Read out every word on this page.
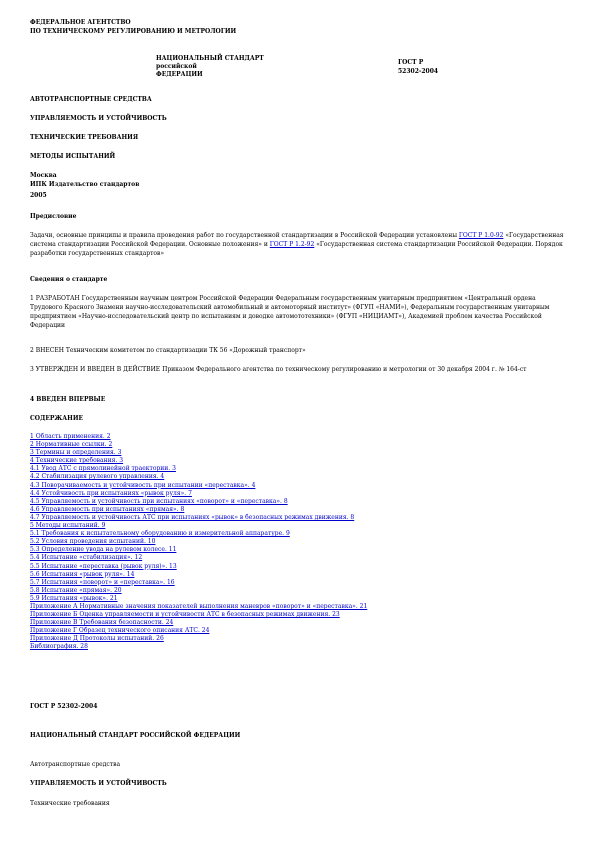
ФЕДЕРАЛЬНОЕ АГЕНТСТВО
ПО ТЕХНИЧЕСКОМУ РЕГУЛИРОВАНИЮ И МЕТРОЛОГИИ
НАЦИОНАЛЬНЫЙ СТАНДАРТ
российской
ФЕДЕРАЦИИ
ГОСТ Р
52302-2004
АВТОТРАНСПОРТНЫЕ СРЕДСТВА
УПРАВЛЯЕМОСТЬ И УСТОЙЧИВОСТЬ
ТЕХНИЧЕСКИЕ ТРЕБОВАНИЯ
МЕТОДЫ ИСПЫТАНИЙ
Москва
ИПК Издательство стандартов
2005
Предисловие
Задачи, основные принципы и правила проведения работ по государственной стандартизации в Российской Федерации установлены ГОСТ Р 1.0-92 «Государственная система стандартизации Российской Федерации. Основные положения» и ГОСТ Р 1.2-92 «Государственная система стандартизации Российской Федерации. Порядок разработки государственных стандартов»
Сведения о стандарте
1 РАЗРАБОТАН Государственным научным центром Российской Федерации Федеральным государственным унитарным предприятием «Центральный ордена Трудового Красного Знамени научно-исследовательский автомобильный и автомоторный институт» (ФГУП «НАМИ»), Федеральным государственным унитарным предприятием «Научно-исследовательский центр по испытаниям и доводке автомототехники» (ФГУП «НИЦИАМТ»), Академией проблем качества Российской Федерации
2 ВНЕСЕН Техническим комитетом по стандартизации ТК 56 «Дорожный транспорт»
3 УТВЕРЖДЕН И ВВЕДЕН В ДЕЙСТВИЕ Приказом Федерального агентства по техническому регулированию и метрологии от 30 декабря 2004 г. № 164-ст
4 ВВЕДЕН ВПЕРВЫЕ
СОДЕРЖАНИЕ
1 Область применения. 2
2 Нормативные ссылки. 2
3 Термины и определения. 3
4 Технические требования. 3
4.1 Увод АТС с прямолинейной траектории. 3
4.2 Стабилизация рулевого управления. 4
4.3 Поворачиваемость и устойчивость при испытании «переставка». 4
4.4 Устойчивость при испытаниях «рывок руля». 7
4.5 Управляемость и устойчивость при испытаниях «поворот» и «переставка». 8
4.6 Управляемость при испытаниях «прямая». 8
4.7 Управляемость и устойчивость АТС при испытаниях «рывок» в безопасных режимах движения. 8
5 Методы испытаний. 9
5.1 Требования к испытательному оборудованию и измерительной аппаратуре. 9
5.2 Условия проведения испытаний. 10
5.3 Определение увода на рулевом колесе. 11
5.4 Испытание «стабилизация». 12
5.5 Испытание «переставка (рывок руля)». 13
5.6 Испытания «рывок руля». 14
5.7 Испытания «поворот» и «переставка». 16
5.8 Испытание «прямая». 20
5.9 Испытания «рывок». 21
Приложение А Нормативные значения показателей выполнения маневров «поворот» и «переставка». 21
Приложение Б Оценка управляемости и устойчивости АТС в безопасных режимах движения. 23
Приложение В Требования безопасности. 24
Приложение Г Образец технического описания АТС. 24
Приложение Д Протоколы испытаний. 26
Библиография. 28
ГОСТ Р 52302-2004
НАЦИОНАЛЬНЫЙ СТАНДАРТ РОССИЙСКОЙ ФЕДЕРАЦИИ
Автотранспортные средства
УПРАВЛЯЕМОСТЬ И УСТОЙЧИВОСТЬ
Технические требования
